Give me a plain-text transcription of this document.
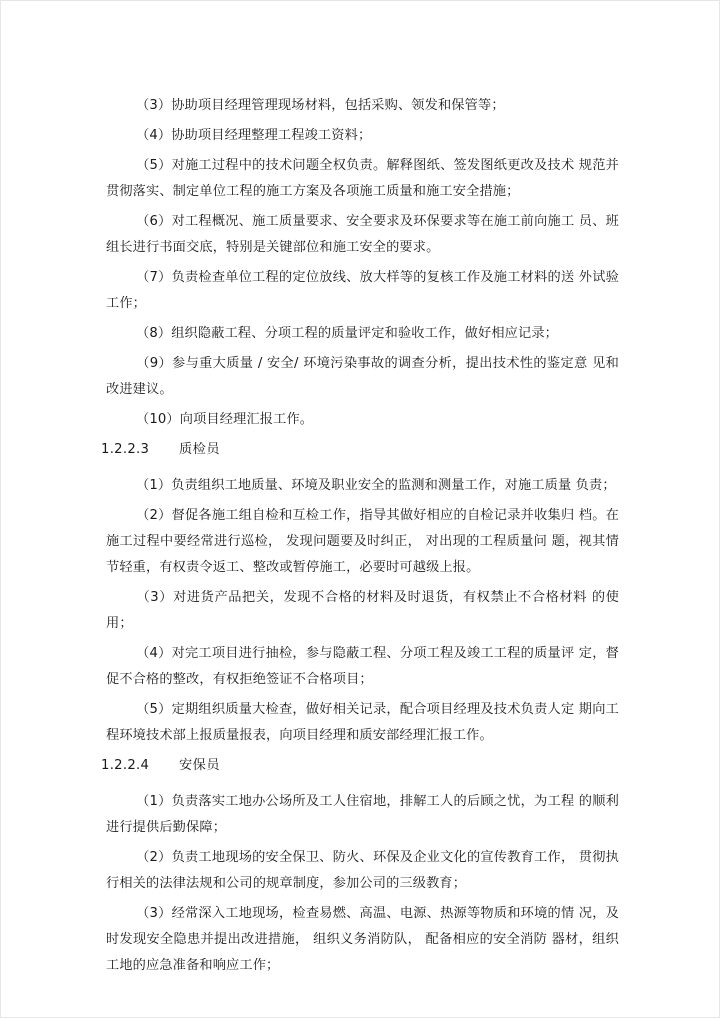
（3）协助项目经理管理现场材料，包括采购、领发和保管等；

（4）协助项目经理整理工程竣工资料；

（5）对施工过程中的技术问题全权负责。解释图纸、签发图纸更改及技术 规范并贯彻落实、制定单位工程的施工方案及各项施工质量和施工安全措施；

（6）对工程概况、施工质量要求、安全要求及环保要求等在施工前向施工 员、班组长进行书面交底，特别是关键部位和施工安全的要求。

（7）负责检查单位工程的定位放线、放大样等的复核工作及施工材料的送 外试验工作；

（8）组织隐蔽工程、分项工程的质量评定和验收工作，做好相应记录；

（9）参与重大质量 / 安全/ 环境污染事故的调查分析，提出技术性的鉴定意 见和改进建议。

（10）向项目经理汇报工作。

1.2.2.3	质检员

（1）负责组织工地质量、环境及职业安全的监测和测量工作，对施工质量 负责；

（2）督促各施工组自检和互检工作，指导其做好相应的自检记录并收集归 档。在施工过程中要经常进行巡检， 发现问题要及时纠正， 对出现的工程质量问 题，视其情节轻重，有权责令返工、整改或暂停施工，必要时可越级上报。

（3）对进货产品把关，发现不合格的材料及时退货，有权禁止不合格材料 的使用；

（4）对完工项目进行抽检，参与隐蔽工程、分项工程及竣工工程的质量评 定，督促不合格的整改，有权拒绝签证不合格项目；

（5）定期组织质量大检查，做好相关记录，配合项目经理及技术负责人定 期向工程环境技术部上报质量报表，向项目经理和质安部经理汇报工作。

1.2.2.4	安保员

（1）负责落实工地办公场所及工人住宿地，排解工人的后顾之忧，为工程 的顺利进行提供后勤保障；

（2）负责工地现场的安全保卫、防火、环保及企业文化的宣传教育工作， 贯彻执行相关的法律法规和公司的规章制度，参加公司的三级教育；

（3）经常深入工地现场，检查易燃、高温、电源、热源等物质和环境的情 况，及时发现安全隐患并提出改进措施， 组织义务消防队， 配备相应的安全消防 器材，组织工地的应急准备和响应工作；
